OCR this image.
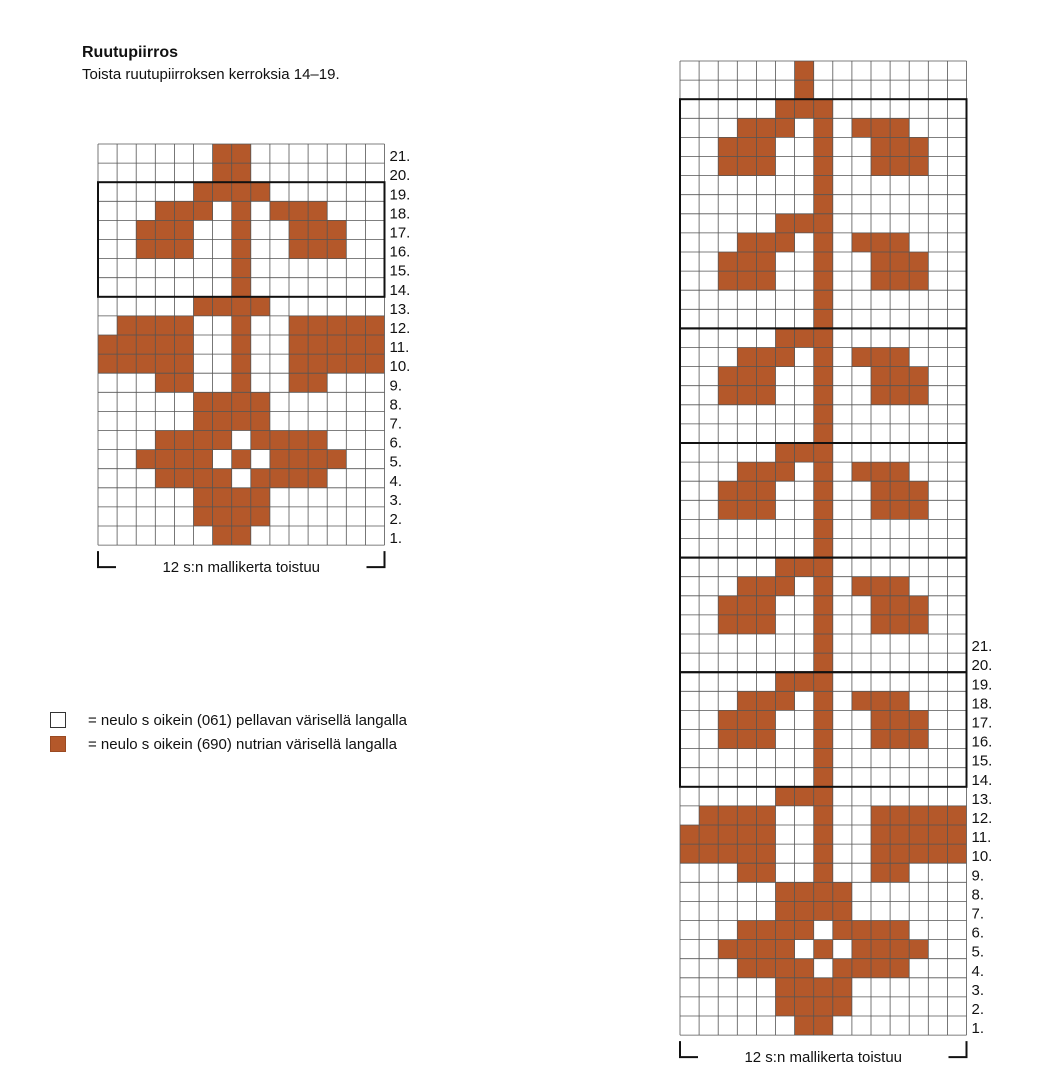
Ruutupiirros
Toista ruutupiirroksen kerroksia 14–19.
21.
20.
19.
18.
17.
16.
15.
14.
13.
12.
11.
10.
9.
8.
7.
6.
5.
4.
3.
2.
1.
12 s:n mallikerta toistuu
21.
20.
19.
18.
17.
16.
15.
14.
13.
12.
11.
10.
9.
8.
7.
6.
5.
4.
3.
2.
1.
12 s:n mallikerta toistuu
= neulo s oikein (061) pellavan värisellä langalla
= neulo s oikein (690) nutrian värisellä langalla
